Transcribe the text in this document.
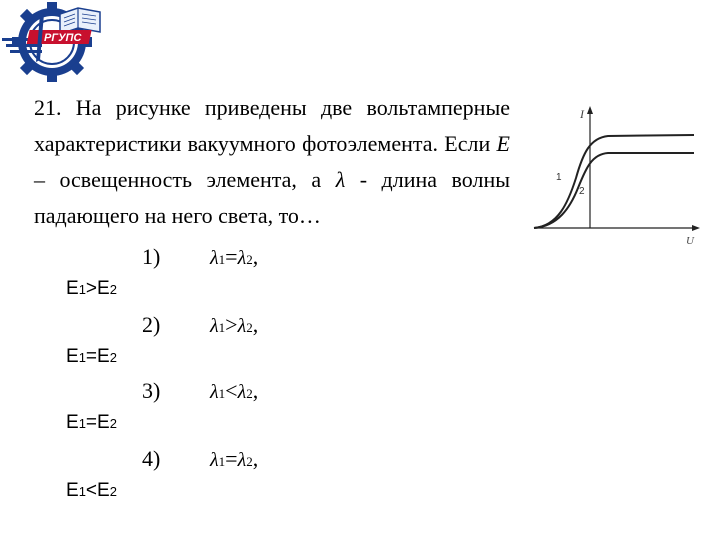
РГУПС

21. На рисунке приведены две вольтамперные характеристики вакуумного фотоэлемента. Если E – освещенность элемента, а λ - длина волны падающего на него света, то…

I
U
1
2
1) λ1=λ2,
E1>E2
2) λ1>λ2,
E1=E2
3) λ1<λ2,
E1=E2
4) λ1=λ2,
E1<E2
